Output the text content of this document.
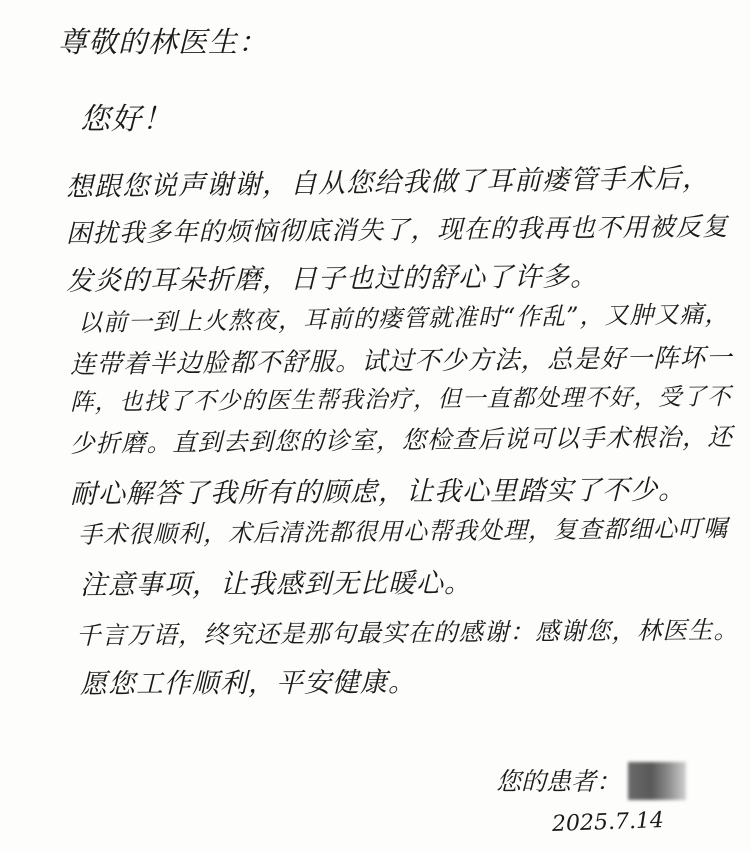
尊敬的林医生：
您好！
想跟您说声谢谢，自从您给我做了耳前瘘管手术后，
困扰我多年的烦恼彻底消失了，现在的我再也不用被反复
发炎的耳朵折磨，日子也过的舒心了许多。
以前一到上火熬夜，耳前的瘘管就准时“作乱”，又肿又痛，
连带着半边脸都不舒服。试过不少方法，总是好一阵坏一
阵，也找了不少的医生帮我治疗，但一直都处理不好，受了不
少折磨。直到去到您的诊室，您检查后说可以手术根治，还
耐心解答了我所有的顾虑，让我心里踏实了不少。
手术很顺利，术后清洗都很用心帮我处理，复查都细心叮嘱
注意事项，让我感到无比暖心。
千言万语，终究还是那句最实在的感谢：感谢您，林医生。
愿您工作顺利，平安健康。
您的患者：
2025.7.14
